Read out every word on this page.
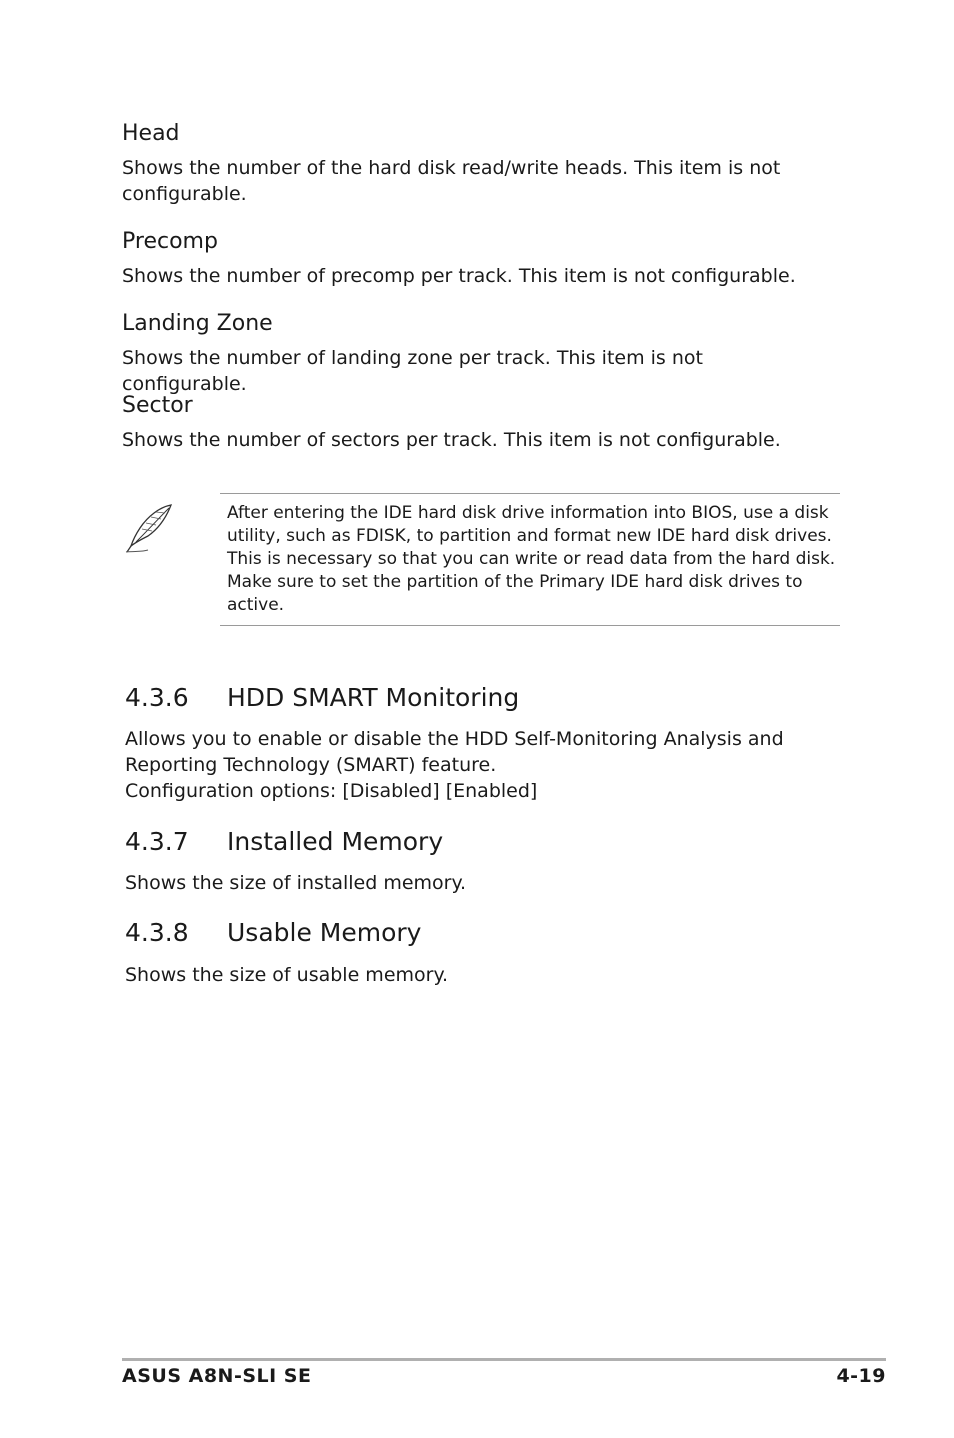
Head
Shows the number of the hard disk read/write heads. This item is not configurable.
Precomp
Shows the number of precomp per track. This item is not configurable.
Landing Zone
Shows the number of landing zone per track. This item is not configurable.
Sector
Shows the number of sectors per track. This item is not configurable.
After entering the IDE hard disk drive information into BIOS, use a disk utility, such as FDISK, to partition and format new IDE hard disk drives. This is necessary so that you can write or read data from the hard disk. Make sure to set the partition of the Primary IDE hard disk drives to active.
4.3.6 HDD SMART Monitoring
Allows you to enable or disable the HDD Self-Monitoring Analysis and Reporting Technology (SMART) feature.
Configuration options: [Disabled] [Enabled]
4.3.7 Installed Memory
Shows the size of installed memory.
4.3.8 Usable Memory
Shows the size of usable memory.
ASUS A8N-SLI SE	4-19
